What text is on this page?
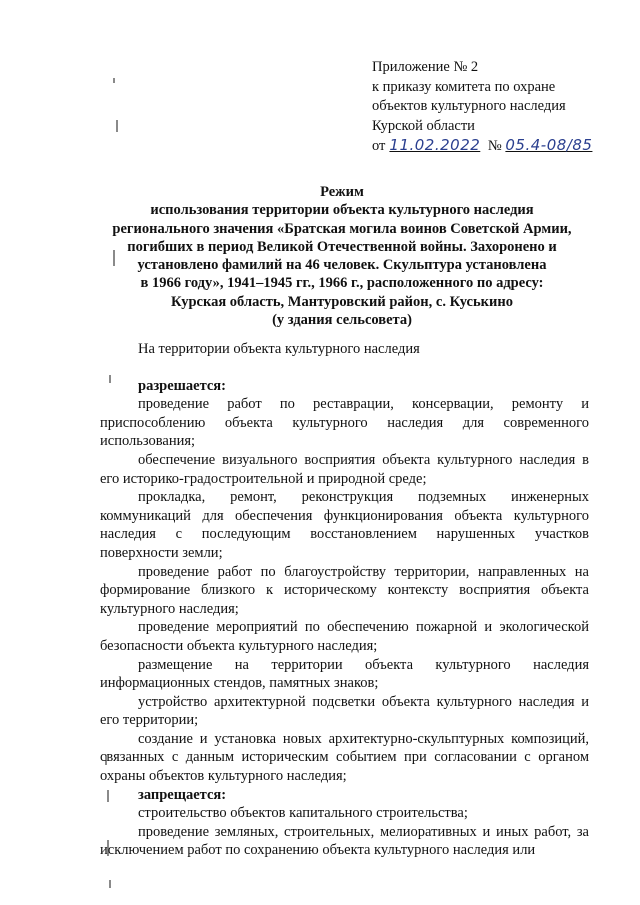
Приложение № 2
к приказу комитета по охране
объектов культурного наследия
Курской области
от 11.02.2022 № 05.4-08/85
Режим
использования территории объекта культурного наследия
регионального значения «Братская могила воинов Советской Армии,
погибших в период Великой Отечественной войны. Захоронено и
установлено фамилий на 46 человек. Скульптура установлена
в 1966 году», 1941–1945 гг., 1966 г., расположенного по адресу:
Курская область, Мантуровский район, с. Куськино
(у здания сельсовета)

На территории объекта культурного наследия

разрешается:

проведение работ по реставрации, консервации, ремонту и приспособлению объекта культурного наследия для современного использования;

обеспечение визуального восприятия объекта культурного наследия в его историко-градостроительной и природной среде;

прокладка, ремонт, реконструкция подземных инженерных коммуникаций для обеспечения функционирования объекта культурного наследия с последующим восстановлением нарушенных участков поверхности земли;

проведение работ по благоустройству территории, направленных на формирование близкого к историческому контексту восприятия объекта культурного наследия;

проведение мероприятий по обеспечению пожарной и экологической безопасности объекта культурного наследия;

размещение на территории объекта культурного наследия информационных стендов, памятных знаков;

устройство архитектурной подсветки объекта культурного наследия и его территории;

создание и установка новых архитектурно-скульптурных композиций, связанных с данным историческим событием при согласовании с органом охраны объектов культурного наследия;

запрещается:

строительство объектов капитального строительства;

проведение земляных, строительных, мелиоративных и иных работ, за исключением работ по сохранению объекта культурного наследия или
